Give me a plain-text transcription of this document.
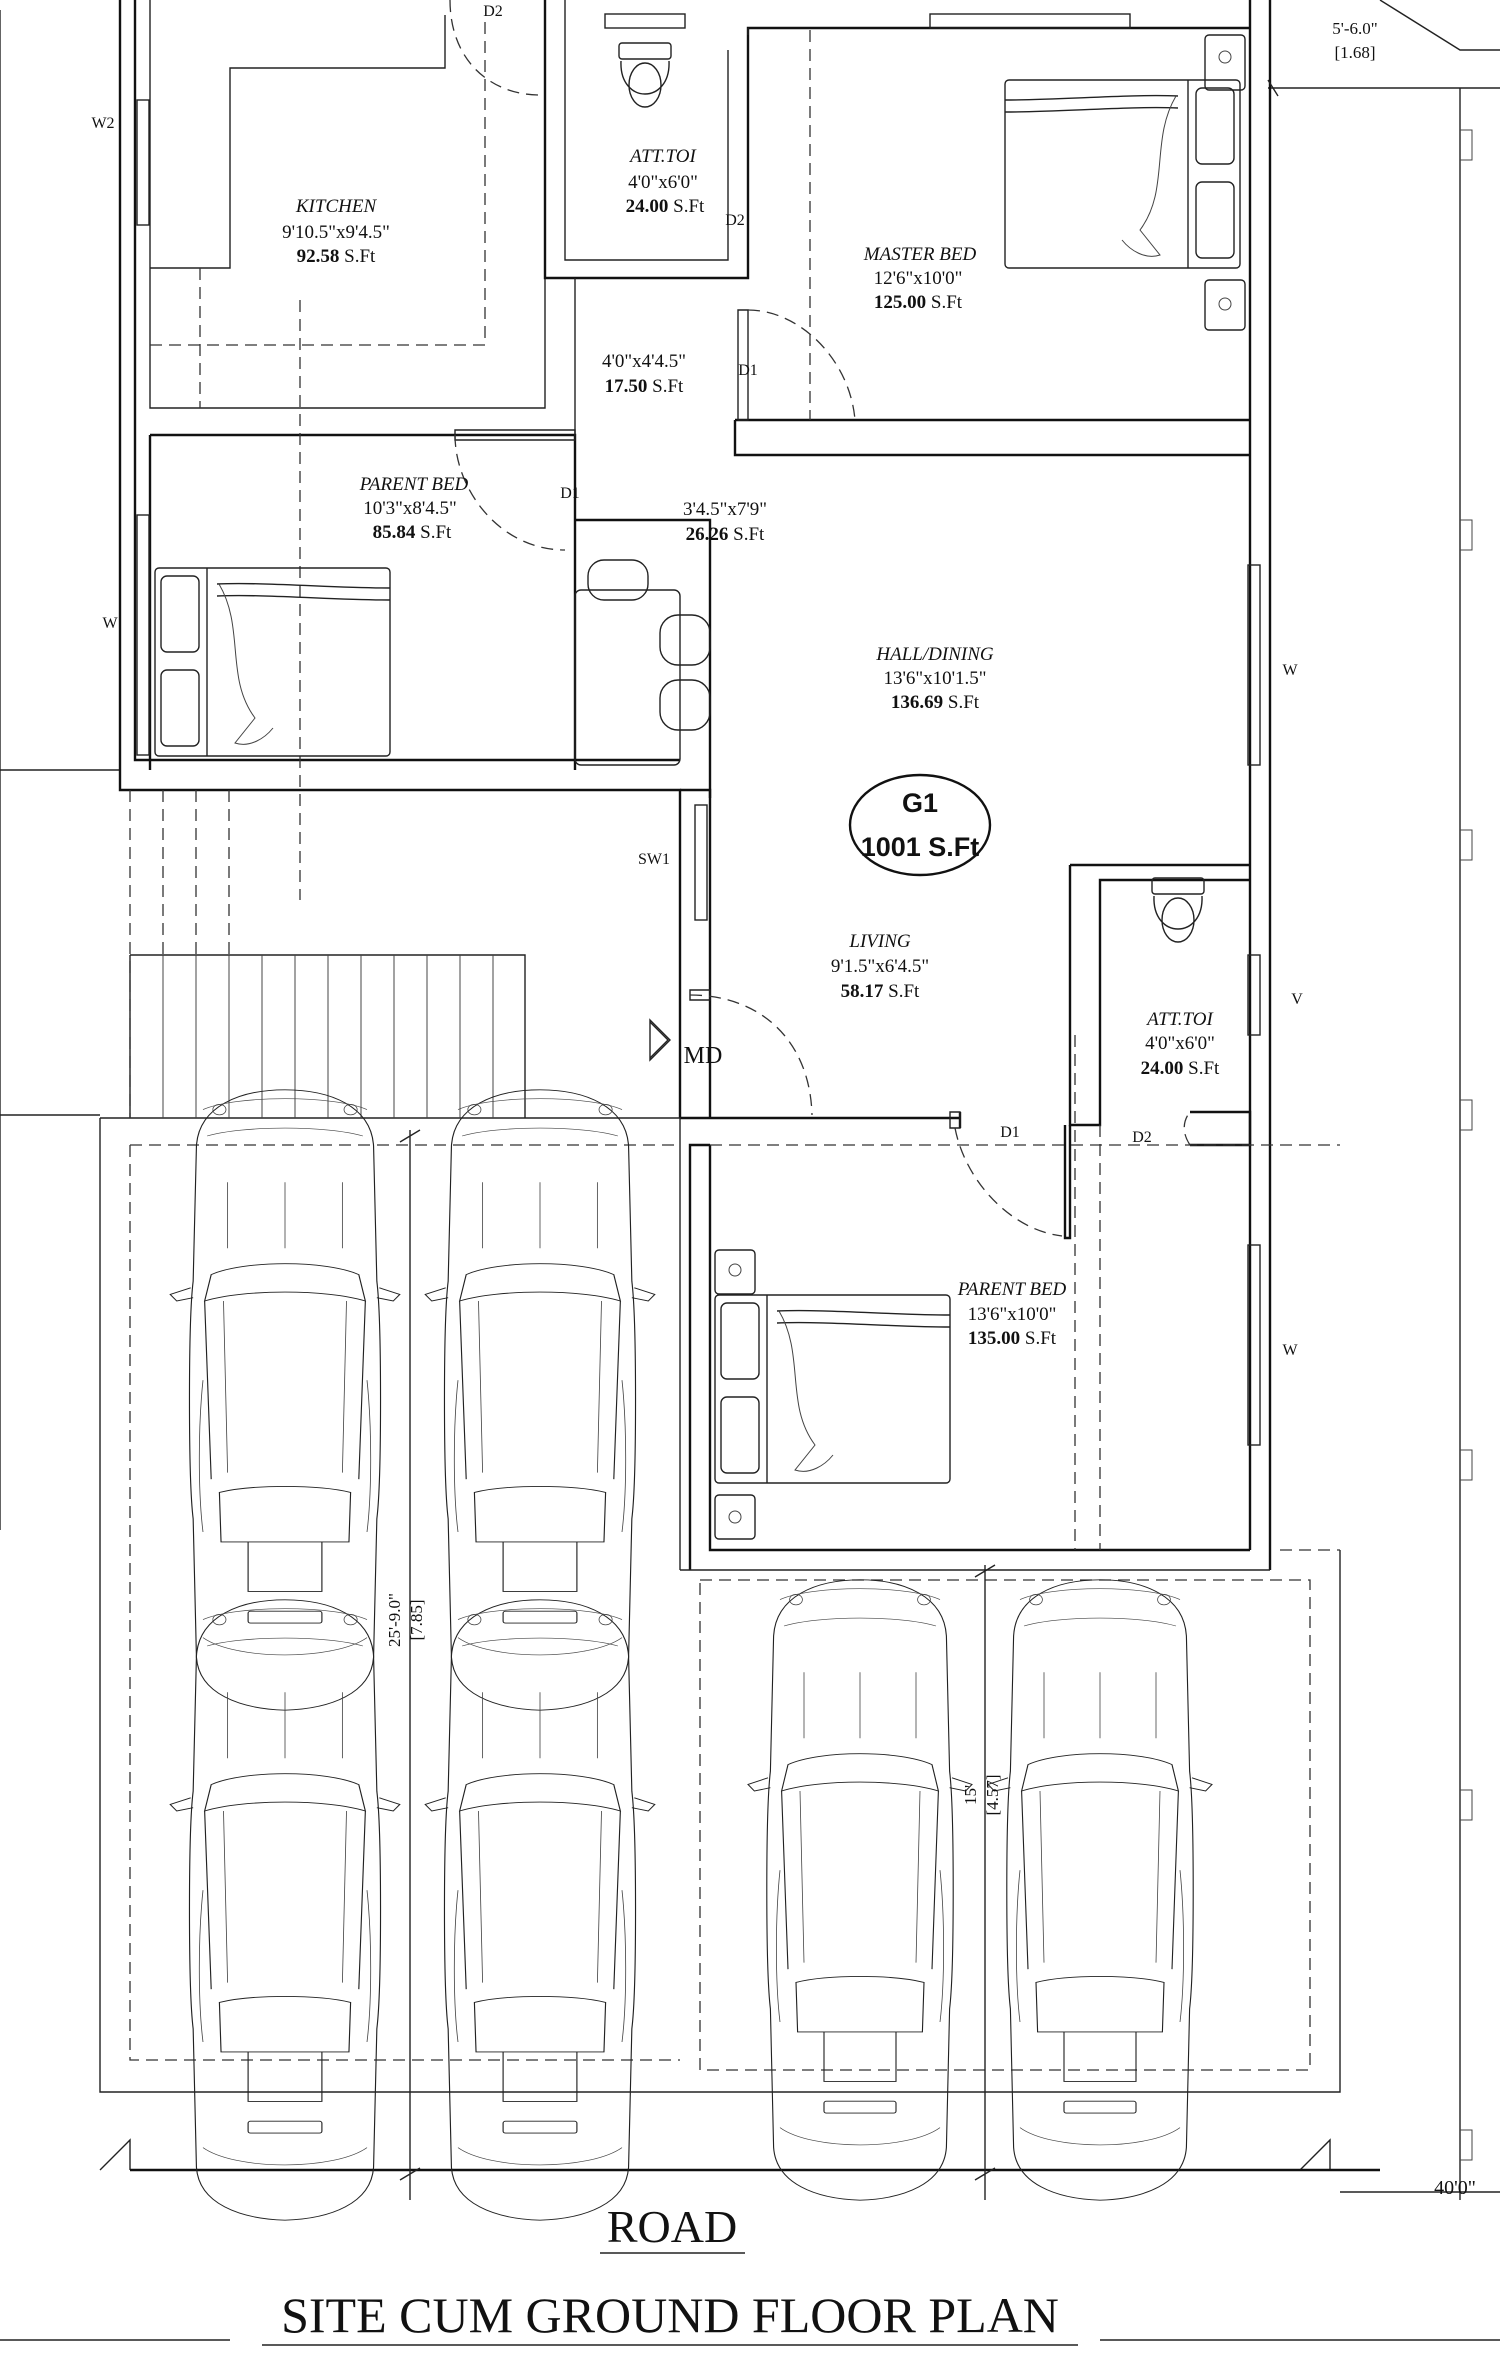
KITCHEN
9'10.5"x9'4.5"
92.58 S.Ft
ATT.TOI
4'0"x6'0"
24.00 S.Ft
MASTER BED
12'6"x10'0"
125.00 S.Ft
4'0"x4'4.5"
17.50 S.Ft
PARENT BED
10'3"x8'4.5"
85.84 S.Ft
3'4.5"x7'9"
26.26 S.Ft
HALL/DINING
13'6"x10'1.5"
136.69 S.Ft
LIVING
9'1.5"x6'4.5"
58.17 S.Ft
ATT.TOI
4'0"x6'0"
24.00 S.Ft
PARENT BED
13'6"x10'0"
135.00 S.Ft
G1
1001 S.Ft
D2
D2
D1
D1
D1	D2
W2
W
W
V
W
SW1
MD
5'-6.0"
[1.68]
25'-9.0" [7.85]
15' [4.57]
40'0"
ROAD
SITE CUM GROUND FLOOR PLAN
